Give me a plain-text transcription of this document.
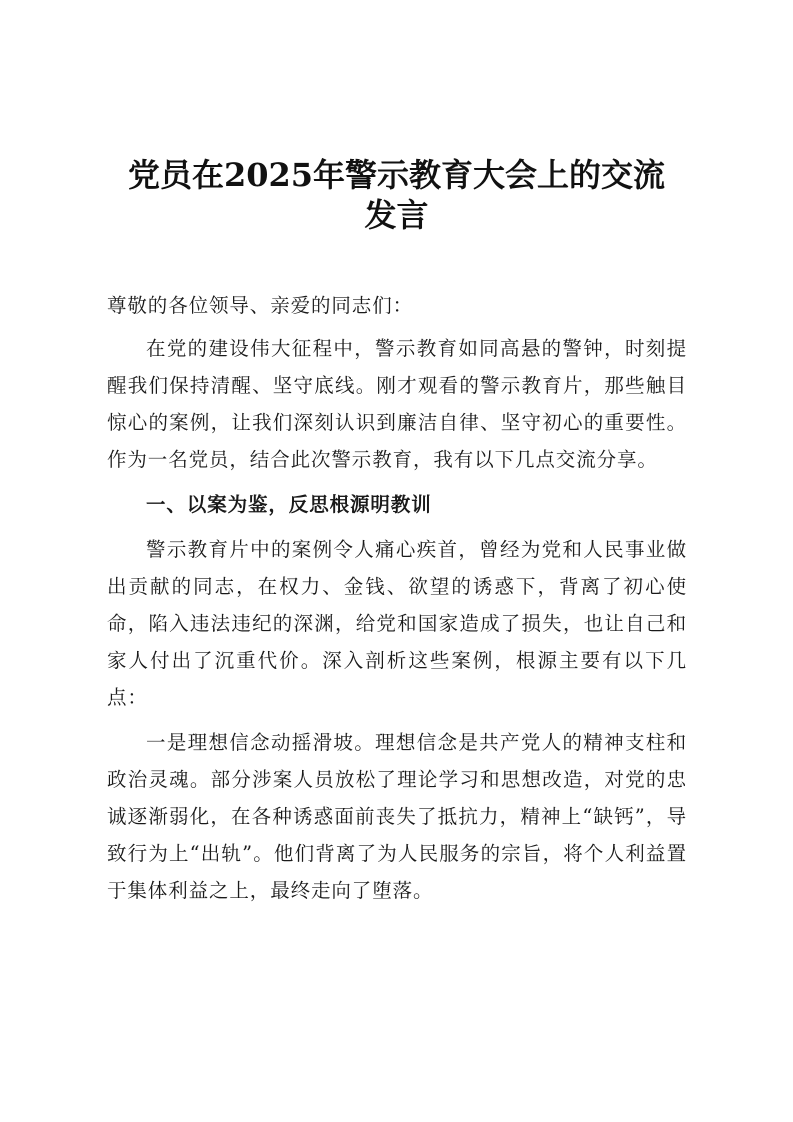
党员在2025年警示教育大会上的交流
发言

尊敬的各位领导、亲爱的同志们：

在党的建设伟大征程中，警示教育如同高悬的警钟，时刻提醒我们保持清醒、坚守底线。刚才观看的警示教育片，那些触目惊心的案例，让我们深刻认识到廉洁自律、坚守初心的重要性。作为一名党员，结合此次警示教育，我有以下几点交流分享。

一、以案为鉴，反思根源明教训

警示教育片中的案例令人痛心疾首，曾经为党和人民事业做出贡献的同志，在权力、金钱、欲望的诱惑下，背离了初心使命，陷入违法违纪的深渊，给党和国家造成了损失，也让自己和家人付出了沉重代价。深入剖析这些案例，根源主要有以下几点：

一是理想信念动摇滑坡。理想信念是共产党人的精神支柱和政治灵魂。部分涉案人员放松了理论学习和思想改造，对党的忠诚逐渐弱化，在各种诱惑面前丧失了抵抗力，精神上“缺钙”，导致行为上“出轨”。他们背离了为人民服务的宗旨，将个人利益置于集体利益之上，最终走向了堕落。
